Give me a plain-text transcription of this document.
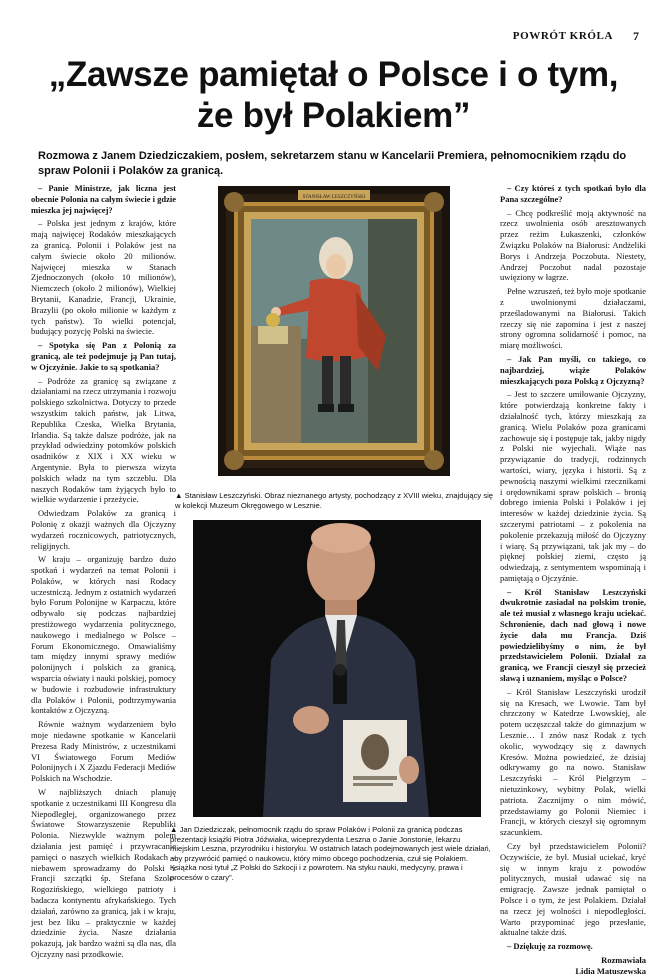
POWRÓT KRÓLA 7
„Zawsze pamiętał o Polsce i o tym,
że był Polakiem”
Rozmowa z Janem Dziedziczakiem, posłem, sekretarzem stanu w Kancelarii Premiera, pełnomocnikiem rządu do spraw Polonii i Polaków za granicą.

– Panie Ministrze, jak liczna jest obecnie Polonia na całym świecie i gdzie mieszka jej najwięcej?

– Polska jest jednym z krajów, które mają najwięcej Rodaków mieszkających za granicą. Polonii i Polaków jest na całym świecie około 20 milionów. Najwięcej mieszka w Stanach Zjednoczonych (około 10 milionów), Niemczech (około 2 milionów), Wielkiej Brytanii, Kanadzie, Francji, Ukrainie, Brazylii (po około milionie w każdym z tych państw). To wielki potencjał, budujący pozycję Polski na świecie.

– Spotyka się Pan z Polonią za granicą, ale też podejmuje ją Pan tutaj, w Ojczyźnie. Jakie to są spotkania?

– Podróże za granicę są związane z działaniami na rzecz utrzymania i rozwoju polskiego szkolnictwa. Dotyczy to przede wszystkim takich państw, jak Litwa, Republika Czeska, Wielka Brytania, Irlandia. Są także dalsze podróże, jak na przykład odwiedziny potomków polskich osadników z XIX i XX wieku w Argentynie. Była to pierwsza wizyta polskich władz na tym szczeblu. Dla naszych Rodaków tam żyjących było to wielkie wydarzenie i przeżycie.

Odwiedzam Polaków za granicą i Polonię z okazji ważnych dla Ojczyzny wydarzeń rocznicowych, patriotycznych, religijnych.

W kraju – organizuję bardzo dużo spotkań i wydarzeń na temat Polonii i Polaków, w których nasi Rodacy uczestniczą. Jednym z ostatnich wydarzeń było Forum Polonijne w Karpaczu, które odbywało się podczas najbardziej prestiżowego wydarzenia politycznego, naukowego i medialnego w Polsce – Forum Ekonomicznego. Omawialiśmy tam między innymi sprawy mediów polonijnych i polskich za granicą, wsparcia oświaty i nauki polskiej, pomocy w budowie i rozbudowie infrastruktury dla Polaków i Polonii, podtrzymywania kontaktów z Ojczyzną.

Równie ważnym wydarzeniem było moje niedawne spotkanie w Kancelarii Prezesa Rady Ministrów, z uczestnikami VI Światowego Forum Mediów Polonijnych i X Zjazdu Federacji Mediów Polskich na Wschodzie.

W najbliższych dniach planuję spotkanie z uczestnikami III Kongresu dla Niepodległej, organizowanego przez Światowe Stowarzyszenie Republiki Polonia. Niezwykle ważnym polem działania jest pamięć i przywracanie pamięci o naszych wielkich Rodakach – niebawem sprowadzamy do Polski z Francji szczątki śp. Stefana Szolc-Rogozińskiego, wielkiego patrioty i badacza kontynentu afrykańskiego. Tych działań, zarówno za granicą, jak i w kraju, jest bez liku – praktycznie w każdej dziedzinie życia. Nasze działania pokazują, jak bardzo ważni są dla nas, dla Ojczyzny nasi przodkowie.

STANISŁAW LESZCZYŃSKI
▲ Stanisław Leszczyński. Obraz nieznanego artysty, pochodzący z XVIII wieku, znajdujący się w kolekcji Muzeum Okręgowego w Lesznie.
▲ Jan Dziedziczak, pełnomocnik rządu do spraw Polaków i Polonii za granicą podczas prezentacji książki Piotra Jóźwiaka, wiceprezydenta Leszna o Janie Jonstonie, lekarzu miejskim Leszna, przyrodniku i historyku. W ostatnich latach podejmowanych jest wiele działań, aby przywrócić pamięć o naukowcu, który mimo obcego pochodzenia, czuł się Polakiem. Książka nosi tytuł „Z Polski do Szkocji i z powrotem. Na styku nauki, medycyny, prawa i procesów o czary”.

– Czy któreś z tych spotkań było dla Pana szczególne?

– Chcę podkreślić moją aktywność na rzecz uwolnienia osób aresztowanych przez reżim Łukaszenki, członków Związku Polaków na Białorusi: Andżeliki Borys i Andrzeja Poczobuta. Niestety, Andrzej Poczobut nadal pozostaje uwięziony w łagrze.

Pełne wzruszeń, też było moje spotkanie z uwolnionymi działaczami, prześladowanymi na Białorusi. Takich rzeczy się nie zapomina i jest z naszej strony ogromna solidarność i pomoc, na miarę możliwości.

– Jak Pan myśli, co takiego, co najbardziej, wiąże Polaków mieszkających poza Polską z Ojczyzną?

– Jest to szczere umiłowanie Ojczyzny, które potwierdzają konkretne fakty i działalność tych, którzy mieszkają za granicą. Wielu Polaków poza granicami zachowuje się i postępuje tak, jakby nigdy z Polski nie wyjechali. Wiąże nas przywiązanie do tradycji, rodzinnych wartości, wiary, języka i historii. Są z pewnością naszymi wielkimi rzecznikami i orędownikami spraw polskich – bronią dobrego imienia Polski i Polaków i jej interesów w każdej dziedzinie życia. Są szczerymi patriotami – z pokolenia na pokolenie przekazują miłość do Ojczyzny i wiarę. Są przywiązani, tak jak my – do pięknej polskiej ziemi, często ją odwiedzają, z sentymentem wspominają i pamiętają o Ojczyźnie.

– Król Stanisław Leszczyński dwukrotnie zasiadał na polskim tronie, ale też musiał z własnego kraju uciekać. Schronienie, dach nad głową i nowe życie dała mu Francja. Dziś powiedzielibyśmy o nim, że był przedstawicielem Polonii. Działał za granicą, we Francji cieszył się przecież sławą i uznaniem, myśląc o Polsce?

– Król Stanisław Leszczyński urodził się na Kresach, we Lwowie. Tam był chrzczony w Katedrze Lwowskiej, ale potem uczęszczał także do gimnazjum w Lesznie… I znów nasz Rodak z tych okolic, wywodzący się z dawnych Kresów. Można powiedzieć, że dzisiaj odkrywamy go na nowo. Stanisław Leszczyński – Król Pielgrzym – nietuzinkowy, wybitny Polak, wielki patriota. Zacznijmy o nim mówić, przedstawiamy go Polonii Niemiec i Francji, w których cieszył się ogromnym szacunkiem.

Czy był przedstawicielem Polonii? Oczywiście, że był. Musiał uciekać, kryć się w innym kraju z powodów politycznych, musiał udawać się na emigrację. Zawsze jednak pamiętał o Polsce i o tym, że jest Polakiem. Działał na rzecz jej wolności i niepodległości. Warto przypominać jego przesłanie, aktualne także dziś.

– Dziękuję za rozmowę.

Rozmawiała
Lidia Matuszewska
